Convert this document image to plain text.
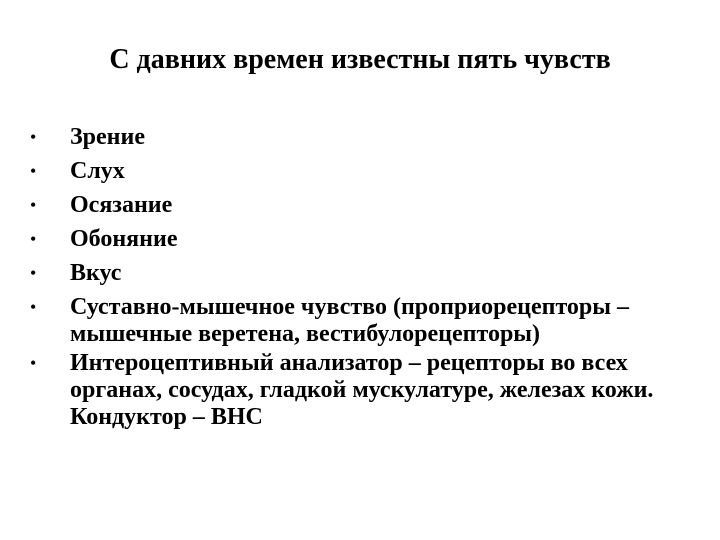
С давних времен известны пять чувств
• Зрение
• Слух
• Осязание
• Обоняние
• Вкус
• Суставно-мышечное чувство (проприорецепторы – мышечные веретена, вестибулорецепторы)
• Интероцептивный анализатор – рецепторы во всех органах, сосудах, гладкой мускулатуре, железах кожи. Кондуктор – ВНС
